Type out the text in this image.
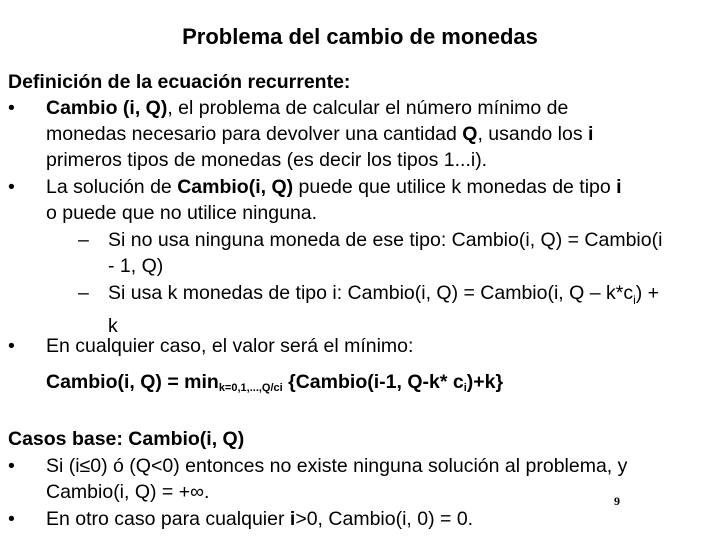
Problema del cambio de monedas
Definición de la ecuación recurrente:
•	Cambio (i, Q), el problema de calcular el número mínimo de
monedas necesario para devolver una cantidad Q, usando los i
primeros tipos de monedas (es decir los tipos 1...i).
•	La solución de Cambio(i, Q) puede que utilice k monedas de tipo i
o puede que no utilice ninguna.
– Si no usa ninguna moneda de ese tipo: Cambio(i, Q) = Cambio(i
- 1, Q)
– Si usa k monedas de tipo i: Cambio(i, Q) = Cambio(i, Q – $k*c_i$) +
k
•	En cualquier caso, el valor será el mínimo:
Cambio(i, Q) = mink=0,1,...,Q/ci {Cambio(i-1, Q-k* ci)+k}
Casos base: Cambio(i, Q)
•	Si (i≤0) ó (Q<0) entonces no existe ninguna solución al problema, y
Cambio(i, Q) = +∞.
•	En otro caso para cualquier i>0, Cambio(i, 0) = 0.
9
